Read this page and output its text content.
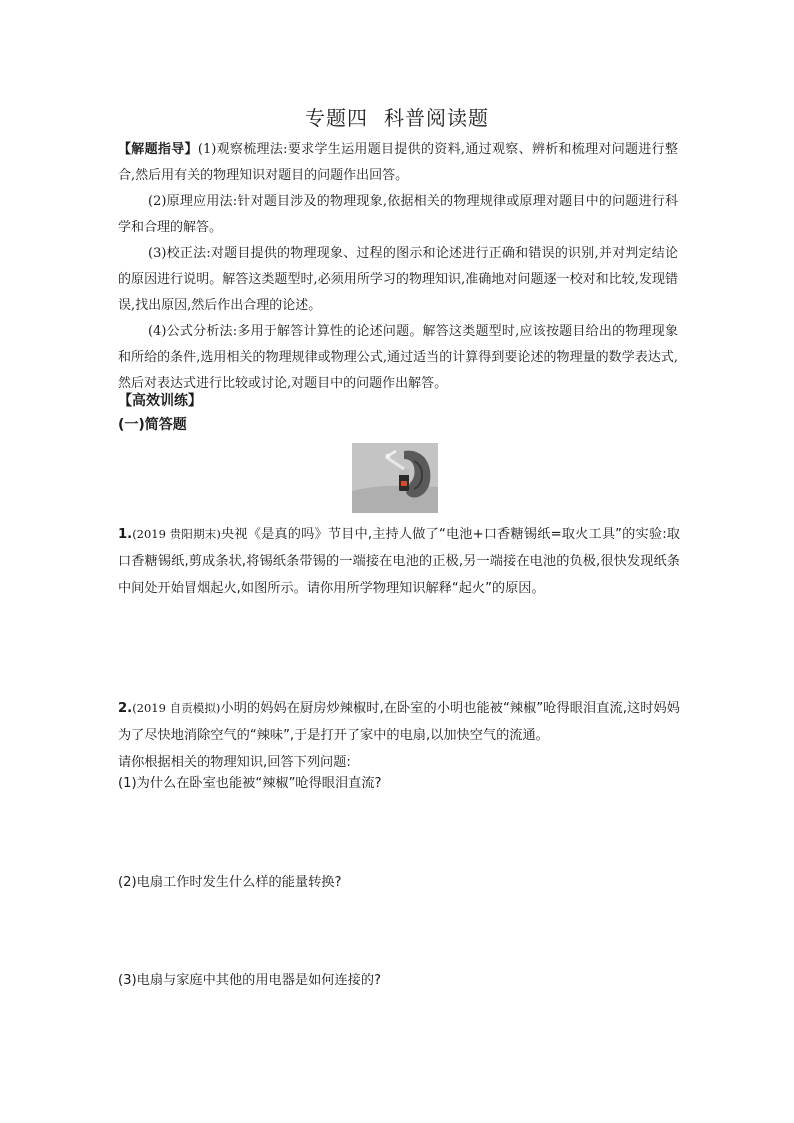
专题四 科普阅读题
【解题指导】(1)观察梳理法:要求学生运用题目提供的资料,通过观察、辨析和梳理对问题进行整合,然后用有关的物理知识对题目的问题作出回答。
(2)原理应用法:针对题目涉及的物理现象,依据相关的物理规律或原理对题目中的问题进行科学和合理的解答。
(3)校正法:对题目提供的物理现象、过程的图示和论述进行正确和错误的识别,并对判定结论的原因进行说明。解答这类题型时,必须用所学习的物理知识,准确地对问题逐一校对和比较,发现错误,找出原因,然后作出合理的论述。
(4)公式分析法:多用于解答计算性的论述问题。解答这类题型时,应该按题目给出的物理现象和所给的条件,选用相关的物理规律或物理公式,通过适当的计算得到要论述的物理量的数学表达式,然后对表达式进行比较或讨论,对题目中的问题作出解答。
【高效训练】
(一)简答题
1.(2019 贵阳期末)央视《是真的吗》节目中,主持人做了“电池+口香糖锡纸=取火工具”的实验:取口香糖锡纸,剪成条状,将锡纸条带锡的一端接在电池的正极,另一端接在电池的负极,很快发现纸条中间处开始冒烟起火,如图所示。请你用所学物理知识解释“起火”的原因。
2.(2019 自贡模拟)小明的妈妈在厨房炒辣椒时,在卧室的小明也能被“辣椒”呛得眼泪直流,这时妈妈为了尽快地消除空气的“辣味”,于是打开了家中的电扇,以加快空气的流通。
请你根据相关的物理知识,回答下列问题:
(1)为什么在卧室也能被“辣椒”呛得眼泪直流?
(2)电扇工作时发生什么样的能量转换?
(3)电扇与家庭中其他的用电器是如何连接的?
